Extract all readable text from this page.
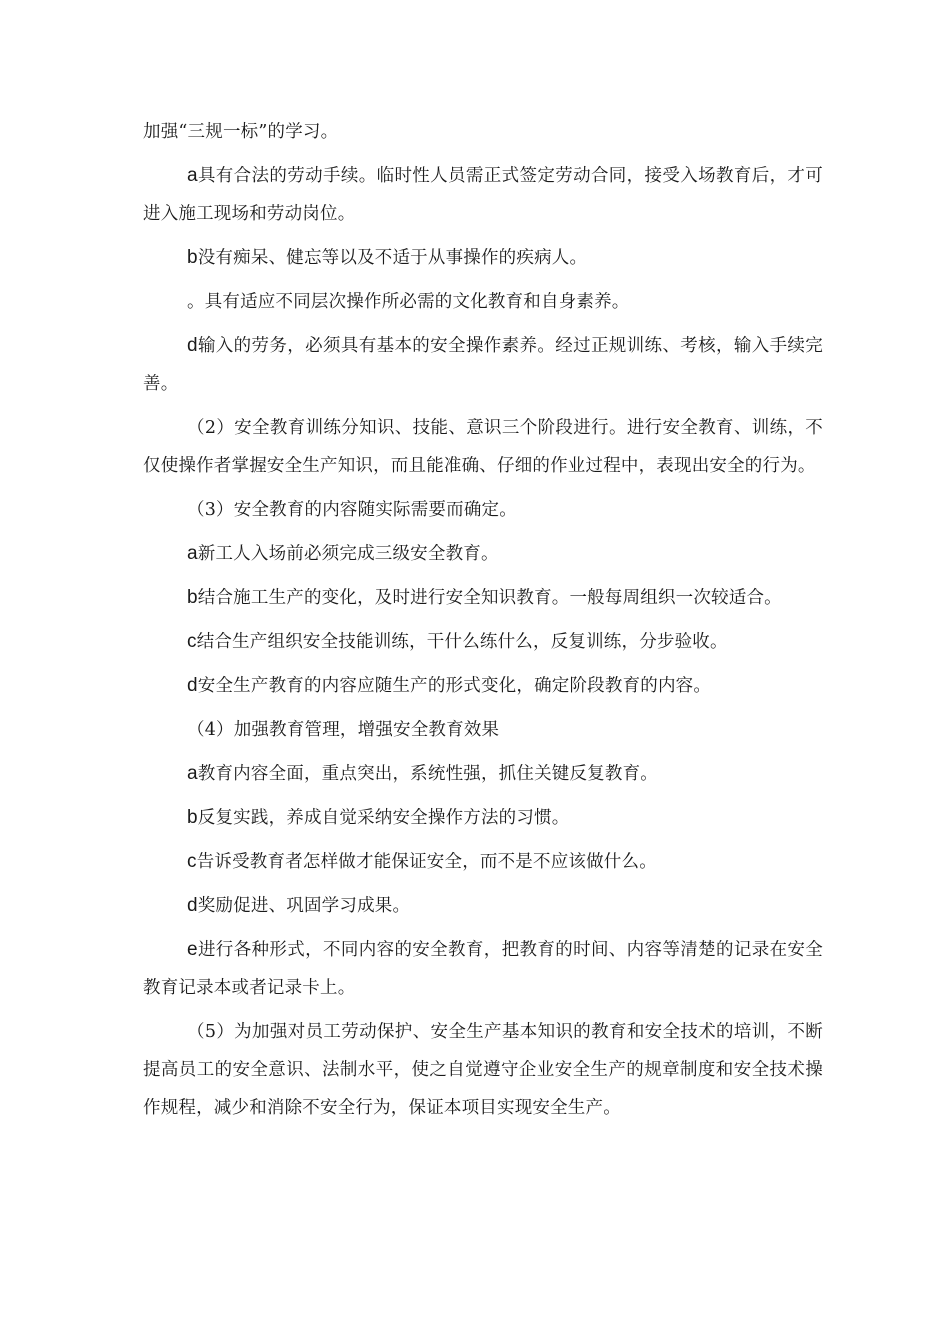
加强“三规一标”的学习。

a具有合法的劳动手续。临时性人员需正式签定劳动合同，接受入场教育后，才可进入施工现场和劳动岗位。

b没有痴呆、健忘等以及不适于从事操作的疾病人。

。具有适应不同层次操作所必需的文化教育和自身素养。

d输入的劳务，必须具有基本的安全操作素养。经过正规训练、考核，输入手续完善。

（2）安全教育训练分知识、技能、意识三个阶段进行。进行安全教育、训练，不仅使操作者掌握安全生产知识，而且能准确、仔细的作业过程中，表现出安全的行为。

（3）安全教育的内容随实际需要而确定。

a新工人入场前必须完成三级安全教育。

b结合施工生产的变化，及时进行安全知识教育。一般每周组织一次较适合。

c结合生产组织安全技能训练，干什么练什么，反复训练，分步验收。

d安全生产教育的内容应随生产的形式变化，确定阶段教育的内容。

（4）加强教育管理，增强安全教育效果

a教育内容全面，重点突出，系统性强，抓住关键反复教育。

b反复实践，养成自觉采纳安全操作方法的习惯。

c告诉受教育者怎样做才能保证安全，而不是不应该做什么。

d奖励促进、巩固学习成果。

e进行各种形式，不同内容的安全教育，把教育的时间、内容等清楚的记录在安全教育记录本或者记录卡上。

（5）为加强对员工劳动保护、安全生产基本知识的教育和安全技术的培训，不断提高员工的安全意识、法制水平，使之自觉遵守企业安全生产的规章制度和安全技术操作规程，减少和消除不安全行为，保证本项目实现安全生产。
